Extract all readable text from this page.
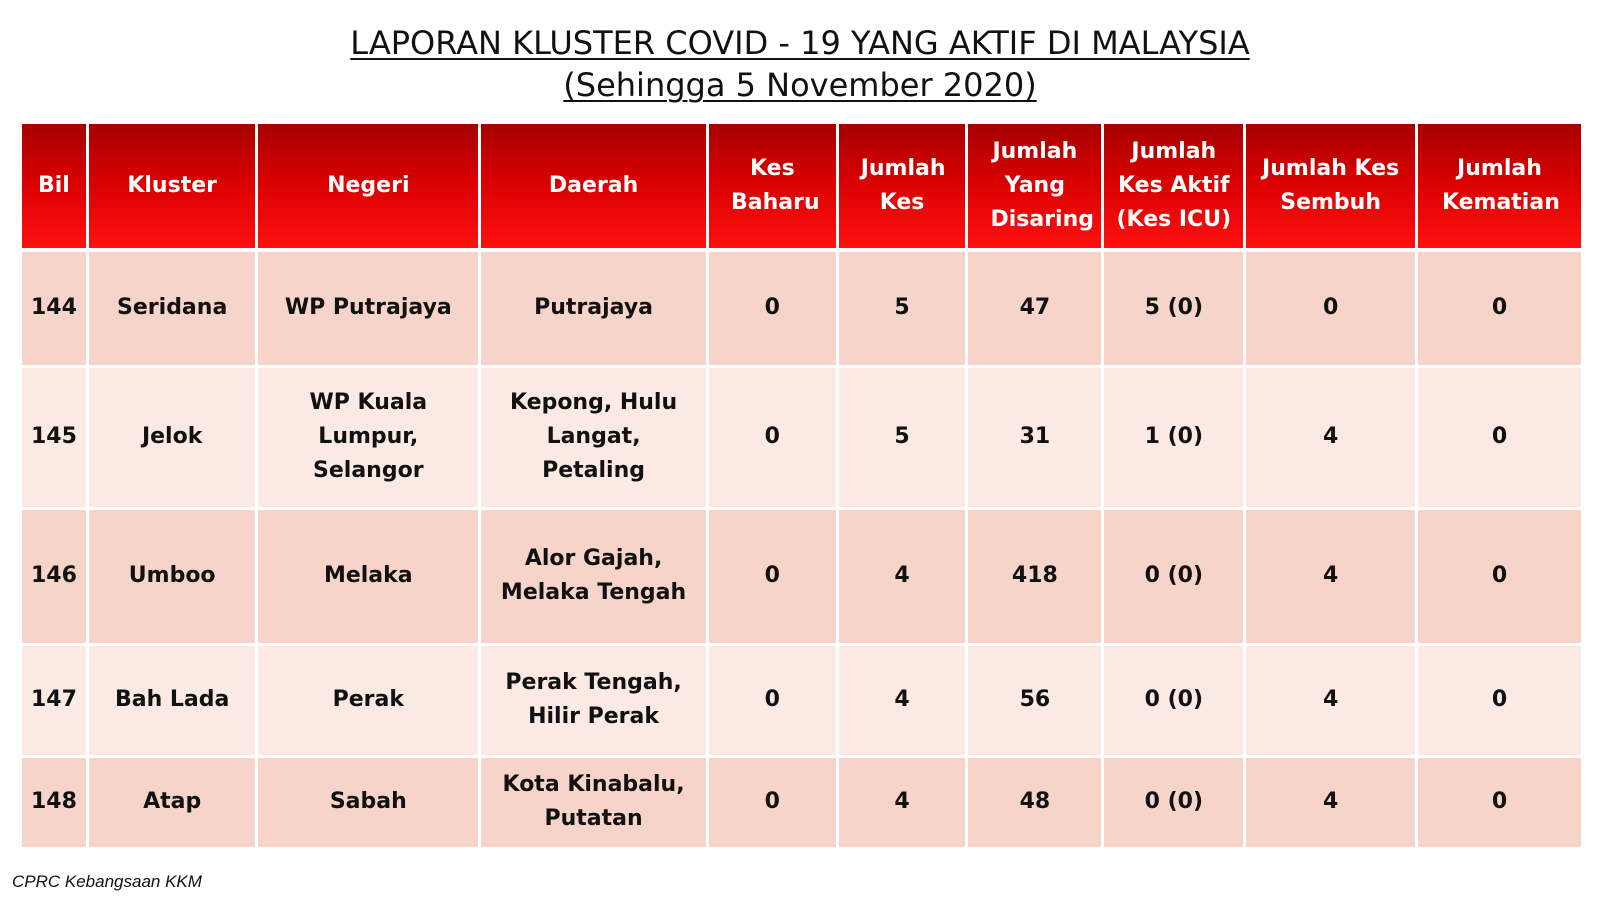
LAPORAN KLUSTER COVID - 19 YANG AKTIF DI MALAYSIA
(Sehingga 5 November 2020)
Bil	Kluster	Negeri	Daerah	Kes Baharu	Jumlah Kes	Jumlah Yang Disaring	Jumlah Kes Aktif (Kes ICU)	Jumlah Kes Sembuh	Jumlah Kematian
144	Seridana	WP Putrajaya	Putrajaya	0	5	47	5 (0)	0	0
145	Jelok	WP Kuala Lumpur, Selangor	Kepong, Hulu Langat, Petaling	0	5	31	1 (0)	4	0
146	Umboo	Melaka	Alor Gajah, Melaka Tengah	0	4	418	0 (0)	4	0
147	Bah Lada	Perak	Perak Tengah, Hilir Perak	0	4	56	0 (0)	4	0
148	Atap	Sabah	Kota Kinabalu, Putatan	0	4	48	0 (0)	4	0
CPRC Kebangsaan KKM
